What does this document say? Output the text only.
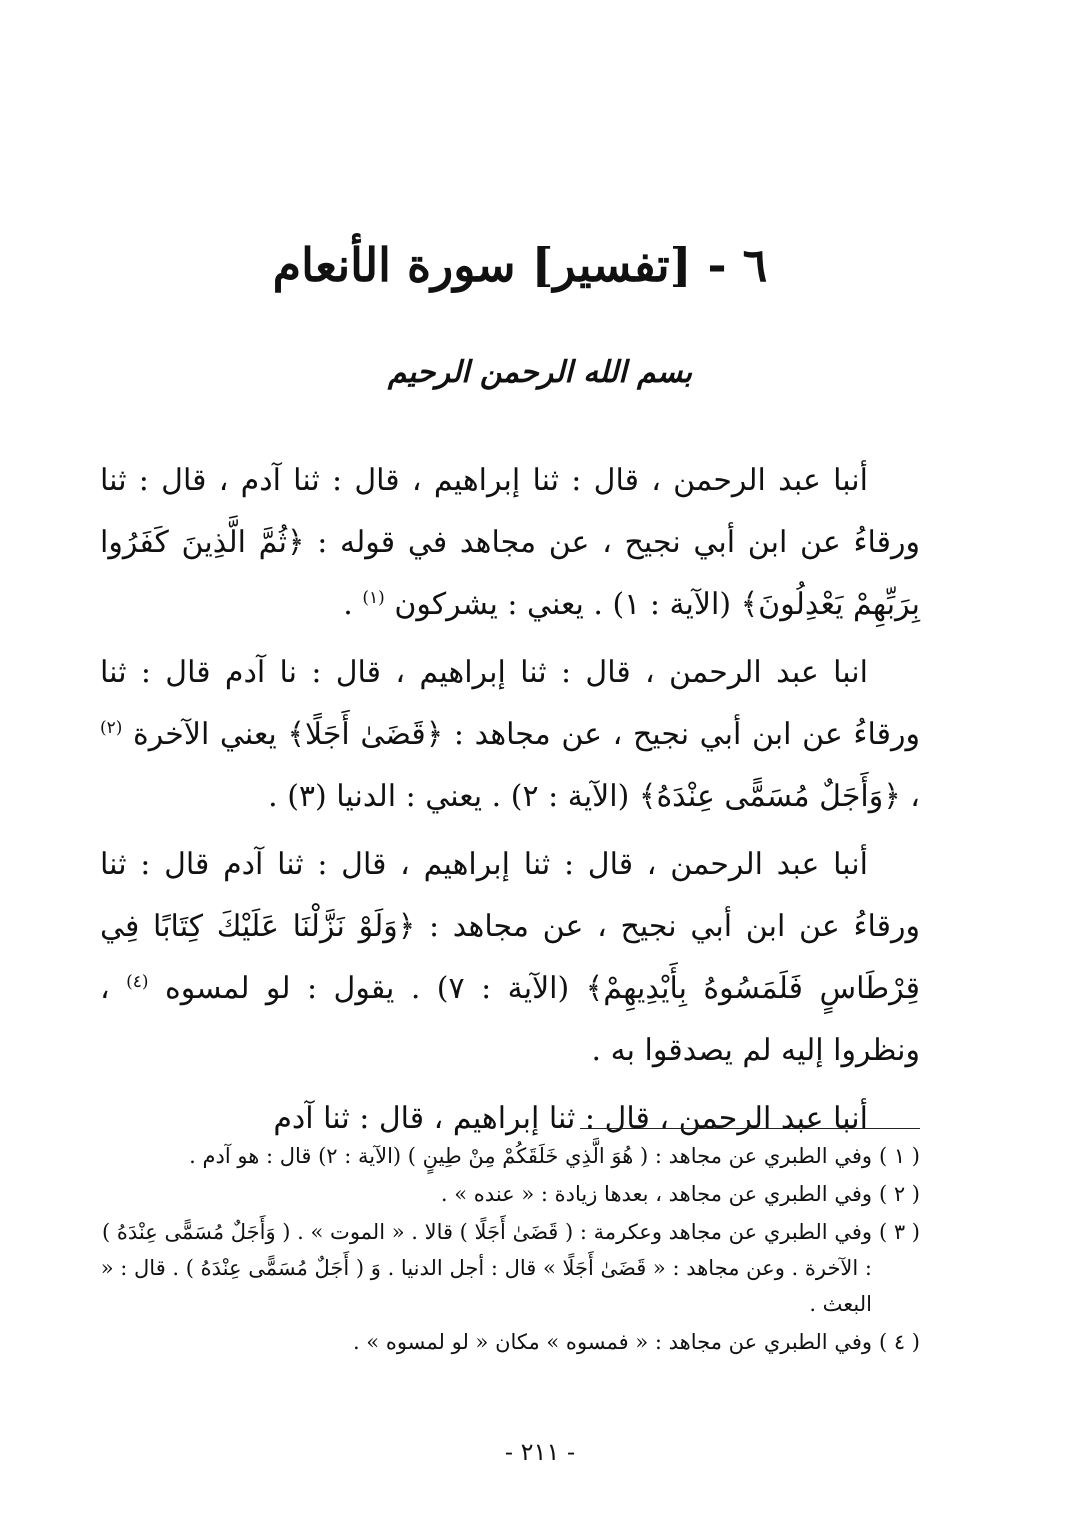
٦ - [تفسير] سورة الأنعام
بسم الله الرحمن الرحيم

أنبا عبد الرحمن ، قال : ثنا إبراهيم ، قال : ثنا آدم ، قال : ثنا ورقاءُ عن ابن أبي نجيح ، عن مجاهد في قوله : ﴿ثُمَّ الَّذِينَ كَفَرُوا بِرَبِّهِمْ يَعْدِلُونَ﴾ (الآية : ١) . يعني : يشركون $^{(١)}$ .

انبا عبد الرحمن ، قال : ثنا إبراهيم ، قال : نا آدم قال : ثنا ورقاءُ عن ابن أبي نجيح ، عن مجاهد : ﴿قَضَىٰ أَجَلًا﴾ يعني الآخرة $^{(٢)}$ ، ﴿وَأَجَلٌ مُسَمًّى عِنْدَهُ﴾ (الآية : ٢) . يعني : الدنيا (٣) .

أنبا عبد الرحمن ، قال : ثنا إبراهيم ، قال : ثنا آدم قال : ثنا ورقاءُ عن ابن أبي نجيح ، عن مجاهد : ﴿وَلَوْ نَزَّلْنَا عَلَيْكَ كِتَابًا فِي قِرْطَاسٍ فَلَمَسُوهُ بِأَيْدِيهِمْ﴾ (الآية : ٧) . يقول : لو لمسوه $^{(٤)}$ ، ونظروا إليه لم يصدقوا به .

أنبا عبد الرحمن ، قال : ثنا إبراهيم ، قال : ثنا آدم

( ١ )
وفي الطبري عن مجاهد : ( هُوَ الَّذِي خَلَقَكُمْ مِنْ طِينٍ ) (الآية : ٢) قال : هو آدم .
( ٢ )
وفي الطبري عن مجاهد ، بعدها زيادة : « عنده » .
( ٣ )
وفي الطبري عن مجاهد وعكرمة : ( قَضَىٰ أَجَلًا ) قالا . « الموت » . ( وَأَجَلٌ مُسَمًّى عِنْدَهُ ) : الآخرة . وعن مجاهد : « قَضَىٰ أَجَلًا » قال : أجل الدنيا . وَ ( أَجَلٌ مُسَمًّى عِنْدَهُ ) . قال : « البعث .
( ٤ )
وفي الطبري عن مجاهد : « فمسوه » مكان « لو لمسوه » .
- ٢١١ -
